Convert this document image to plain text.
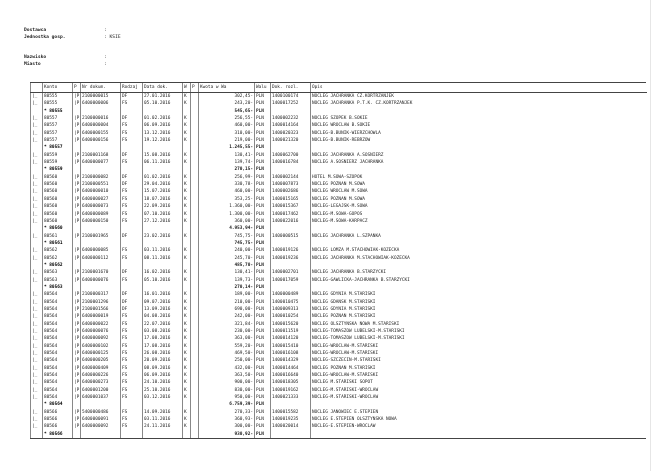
Dostawca	:
Jednostka gosp.	: KSIE
Nazwisko	:
Miasto	:
	Konto	P	Nr dokum.	Rodzaj	Data dok.	W	P	Kwota w Wa	Walu	Dok. rozl.	Opis
|_	80555	|P	2100000015	DF	27.01.2016	K		302,45-	PLN	1400100174	NOCLEG JACHRANKA CZ.KORTRZANJEK
|_	80555	|P	6400000006	FS	05.10.2016	K		243,20-	PLN	1400017252	NOCLEG JACHRANKA P.T.K. CZ.KORTRZANJEK
	* 80555							545,65-	PLN		
|_	80557	|P	2100000016	DF	01.02.2016	K		256,55-	PLN	1400002232	NOCLEG SZOPEK B.SOKIE
|_	80557	|P	6400000004	FS	06.09.2016	K		460,00-	PLN	1400014164	NOCLEG WROCLAW B.SOKIE
|_	80557	|P	6400000155	FS	13.12.2016	K		310,00-	PLN	1400020323	NOCLEG-B.BUNIK-WIERZCHOWLA
|_	80557	|P	6400000156	FS	19.12.2016	K		219,00-	PLN	1400021320	NOCLEG-B.BUNIK-REBRZOW
	* 80557							1.245,55-	PLN		
|_	80559	|P	2100001168	DF	15.08.2016	K		130,41-	PLN	1400062700	NOCLEG JACHRANKA A.SOSNIERZ
|_	80559	|P	6400000077	FS	06.11.2016	K		139,74-	PLN	1400016784	NOCLEG A.SOSNIERZ JACHRANKA
	* 80559							270,15-	PLN		
|_	80560	|P	2100000082	DF	01.02.2016	K		256,99-	PLN	1400002144	HOTEL M.SOWA-SZOPOK
|_	80560	|P	2100000551	DF	29.04.2016	K		330,78-	PLN	1400007873	NOCLEG POZNAN M.SOWA
|_	80560	|P	6400000010	FS	15.07.2016	K		460,00-	PLN	1400002686	NOCLEG WROCLAW M.SOWA
|_	80560	|P	6400000027	FS	18.07.2016	K		353,25-	PLN	1400015165	NOCLEG POZNAN M.SOWA
|_	80560	|P	6400000073	FS	22.09.2016	K		1.360,00-	PLN	1400015367	NOCLEG-LEGAJSK-M.SOWA
|_	80560	|P	6400000089	FS	07.10.2016	K		1.300,00-	PLN	1400017462	NOCLEG-M.SOWA-GOPOS
|_	80560	|P	6400000150	FS	27.12.2016	K		360,00-	PLN	1400022016	NOCLEG-M.SOWA-KARPACZ
	* 80560							4.953,94-	PLN		
|_	80561	|P	2100001965	DF	23.02.2016	K		745,75-	PLN	1400000515	NOCLEG JACHRANKA L.SZPANKA
	* 80561							745,75-	PLN		
|_	80562	|P	6400000085	FS	03.11.2016	K		240,00-	PLN	1400019126	NOCLEG LOMZA M.STACHOWIAK-KOZECKA
|_	80562	|P	6400000112	FS	08.11.2016	K		245,70-	PLN	1400019236	NOCLEG JACHRANKA M.STACHOWIAK-KOZECKA
	* 80562							485,70-	PLN		
|_	80563	|P	2100001670	DF	16.02.2016	K		130,41-	PLN	1400002701	NOCLEG JACHRANKA B.STARZYCKI
|_	80563	|P	6400000076	FS	05.10.2016	K		139,73-	PLN	1400017059	NOCLEG-GAWLICKA-JACHRANKA B.STARZYCKI
	* 80563							270,14-	PLN		
|_	80564	|P	2100000317	DF	16.01.2016	K		189,00-	PLN	1400000489	NOCLEG GDYNIA M.STARISKI
|_	80564	|P	2100001296	DF	09.07.2016	K		210,00-	PLN	1400010475	NOCLEG GDANSK M.STARISKI
|_	80564	|P	2100001566	DF	13.09.2016	K		690,00-	PLN	1400009313	NOCLEG GDYNIA M.STARISKI
|_	80564	|P	6400000019	FS	04.08.2016	K		242,00-	PLN	1400010254	NOCLEG POZNAN M.STARISKI
|_	80564	|P	6400000022	FS	22.07.2016	K		321,84-	PLN	1400015620	NOCLEG OLSZTYNSKA NOWA M.STARISKI
|_	80564	|P	6400000076	FS	03.08.2016	K		230,00-	PLN	1400011519	NOCLEG-TOMASZOW LUBELSKI-M.STARISKI
|_	80564	|P	6400000092	FS	17.08.2016	K		363,00-	PLN	1400014120	NOCLEG-TOMASZOW LUBELSKI-M.STARISKI
|_	80564	|P	6400000102	FS	17.08.2016	K		559,20-	PLN	1400015410	NOCLEG-WROCLAW-M.STARISKI
|_	80564	|P	6400000125	FS	26.08.2016	K		469,50-	PLN	1400016108	NOCLEG-WROCLAW-M.STARISKI
|_	80564	|P	6400000205	FS	20.09.2016	K		250,00-	PLN	1400014329	NOCLEG-SZCZECIN-M.STARISKI
|_	80564	|P	6400000409	FS	08.09.2016	K		432,00-	PLN	1400014464	NOCLEG POZNAN M.STARISKI
|_	80564	|P	6400000226	FS	06.09.2016	K		363,50-	PLN	1400016640	NOCLEG-WROCLAW-M.STARISKI
|_	80564	|P	6400000273	FS	24.10.2016	K		900,00-	PLN	1400018305	NOCLEG M.STARISKI SOPOT
|_	80564	|P	6400001200	FS	25.10.2016	K		830,00-	PLN	1400019162	NOCLEG-M.STARISKI-WROCLAW
|_	80564	|P	6400001037	FS	03.12.2016	K		950,00-	PLN	1400021333	NOCLEG-M.STARISKI-WROCLAW
	* 80564							6.759,39-	PLN		
|_	80566	|P	5400000486	FS	14.09.2016	K		270,33-	PLN	1400015582	NOCLEG JANOWIEC E.STEPIEN
|_	80566	|P	6400000091	FS	03.11.2016	K		360,93-	PLN	1400019235	NOCLEG E.STEPIEN OLSZTYNSKA NOWA
|_	80566	|P	6400000092	FS	24.11.2016	K		300,00-	PLN	1400020014	NOCLEG-E.STEPIEN-WROCLAW
	* 80566							930,92-	PLN		
